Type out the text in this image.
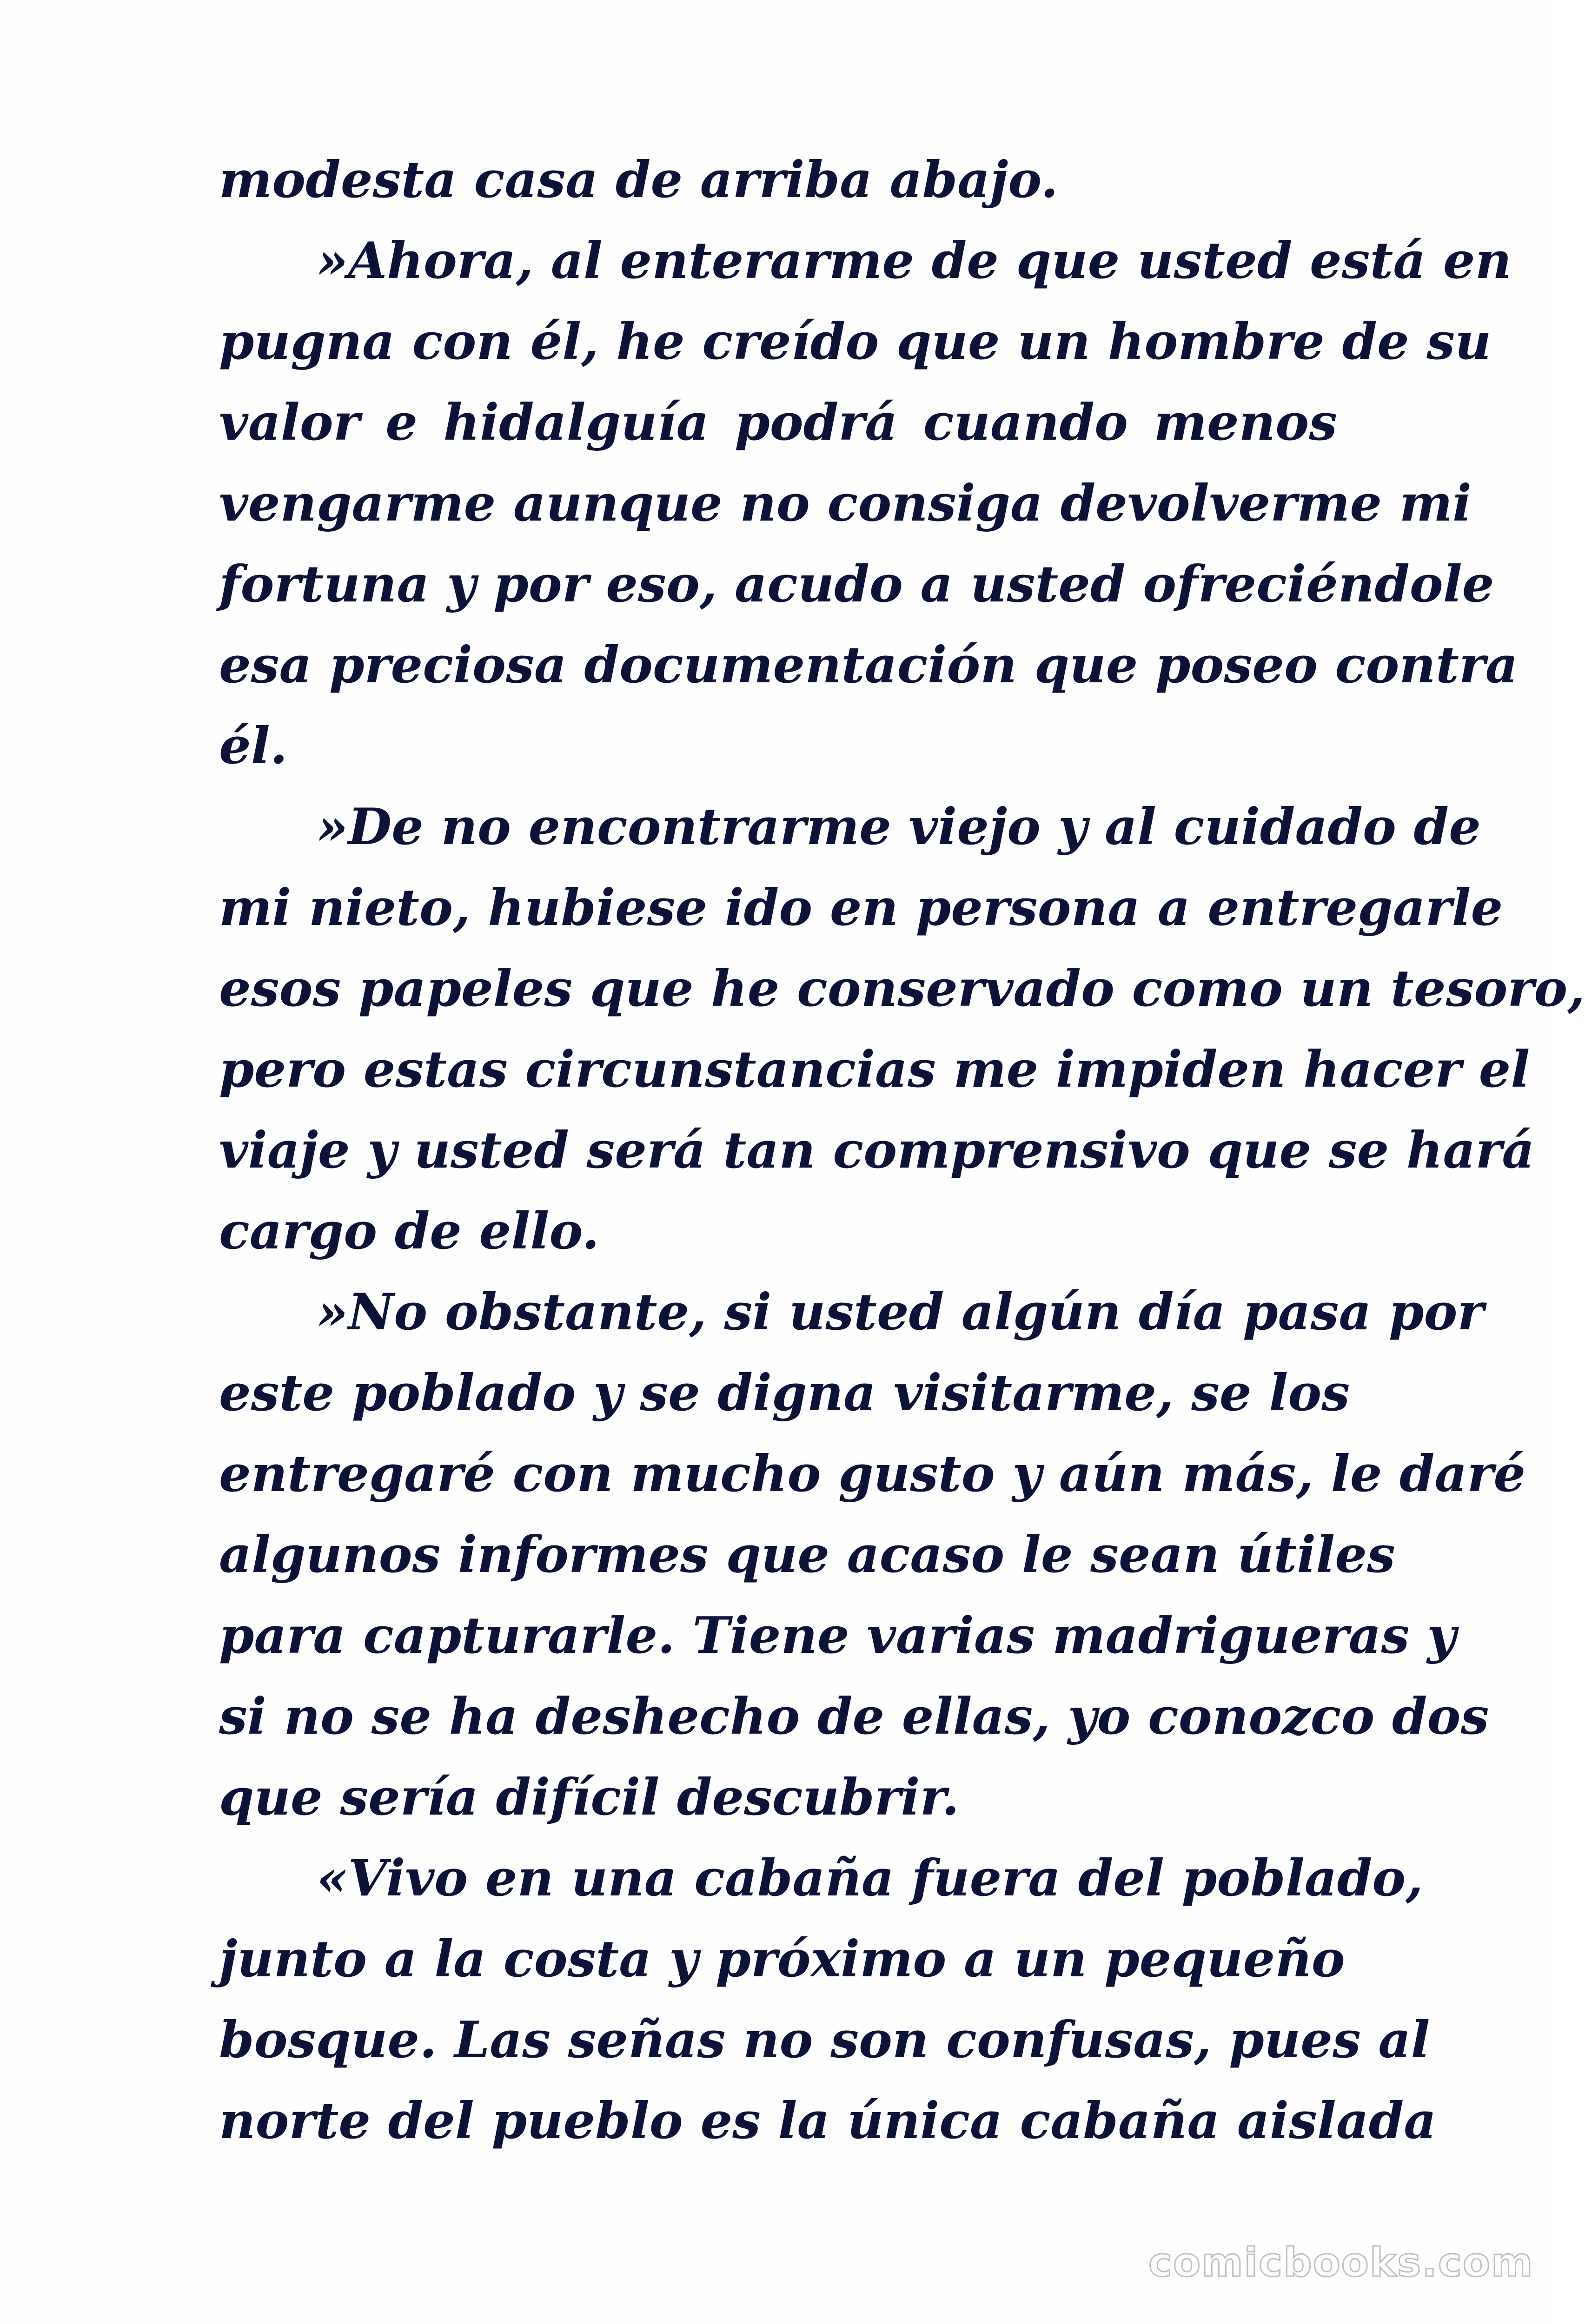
modesta casa de arriba abajo.
»Ahora, al enterarme de que usted está en
pugna con él, he creído que un hombre de su
valor e hidalguía podrá cuando menos
vengarme aunque no consiga devolverme mi
fortuna y por eso, acudo a usted ofreciéndole
esa preciosa documentación que poseo contra
él.
»De no encontrarme viejo y al cuidado de
mi nieto, hubiese ido en persona a entregarle
esos papeles que he conservado como un tesoro,
pero estas circunstancias me impiden hacer el
viaje y usted será tan comprensivo que se hará
cargo de ello.
»No obstante, si usted algún día pasa por
este poblado y se digna visitarme, se los
entregaré con mucho gusto y aún más, le daré
algunos informes que acaso le sean útiles
para capturarle. Tiene varias madrigueras y
si no se ha deshecho de ellas, yo conozco dos
que sería difícil descubrir.
«Vivo en una cabaña fuera del poblado,
junto a la costa y próximo a un pequeño
bosque. Las señas no son confusas, pues al
norte del pueblo es la única cabaña aislada
comicbooks.com
